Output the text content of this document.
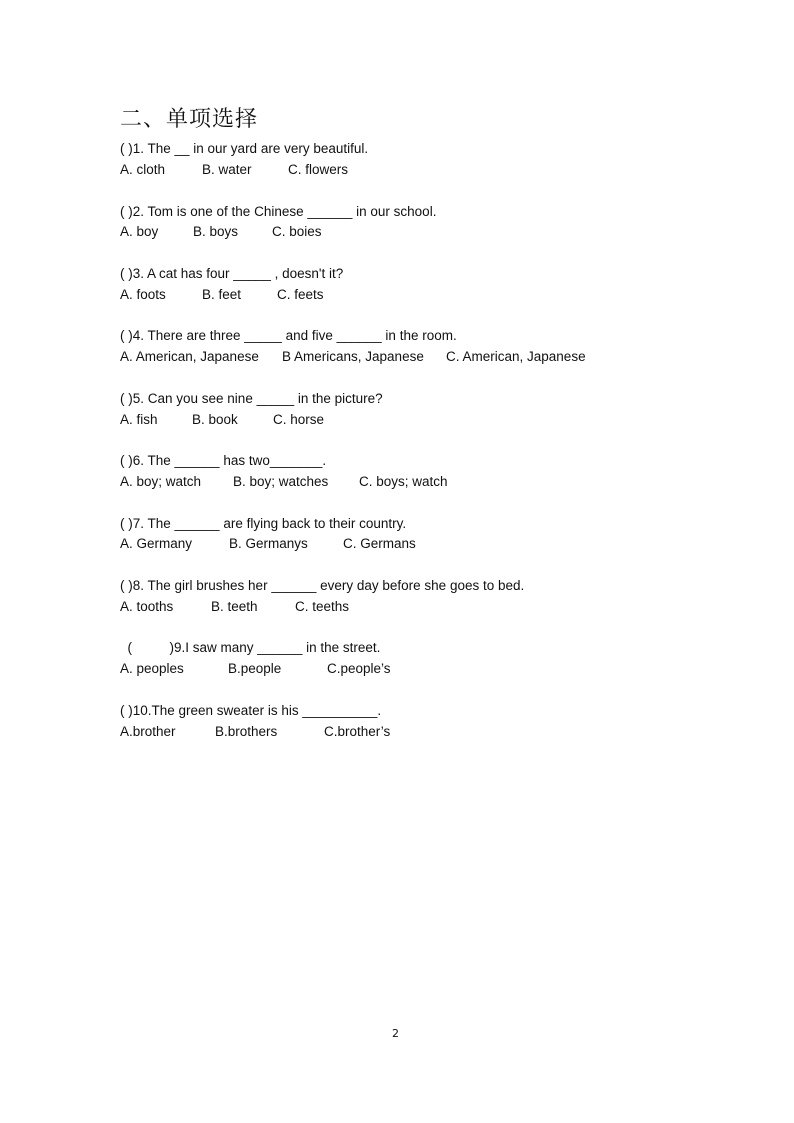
二、单项选择
( )1. The __ in our yard are very beautiful.
A. cloth	B. water	C. flowers
( )2. Tom is one of the Chinese ______ in our school.
A. boy	B. boys	C. boies
( )3. A cat has four _____ , doesn't it?
A. foots	B. feet	C. feets
( )4. There are three _____ and five ______ in the room.
A. American, Japanese B Americans, Japanese C. American, Japanese
( )5. Can you see nine _____ in the picture?
A. fish	B. book	C. horse
( )6. The ______ has two_______.
A. boy; watch B. boy; watches C. boys; watch
( )7. The ______ are flying back to their country.
A. Germany	B. Germanys	C. Germans
( )8. The girl brushes her ______ every day before she goes to bed.
A. tooths	B. teeth	C. teeths
(          )9.I saw many ______ in the street.
A. peoples	B.people	C.people’s
( )10.The green sweater is his __________.
A.brother	B.brothers	C.brother’s
2
